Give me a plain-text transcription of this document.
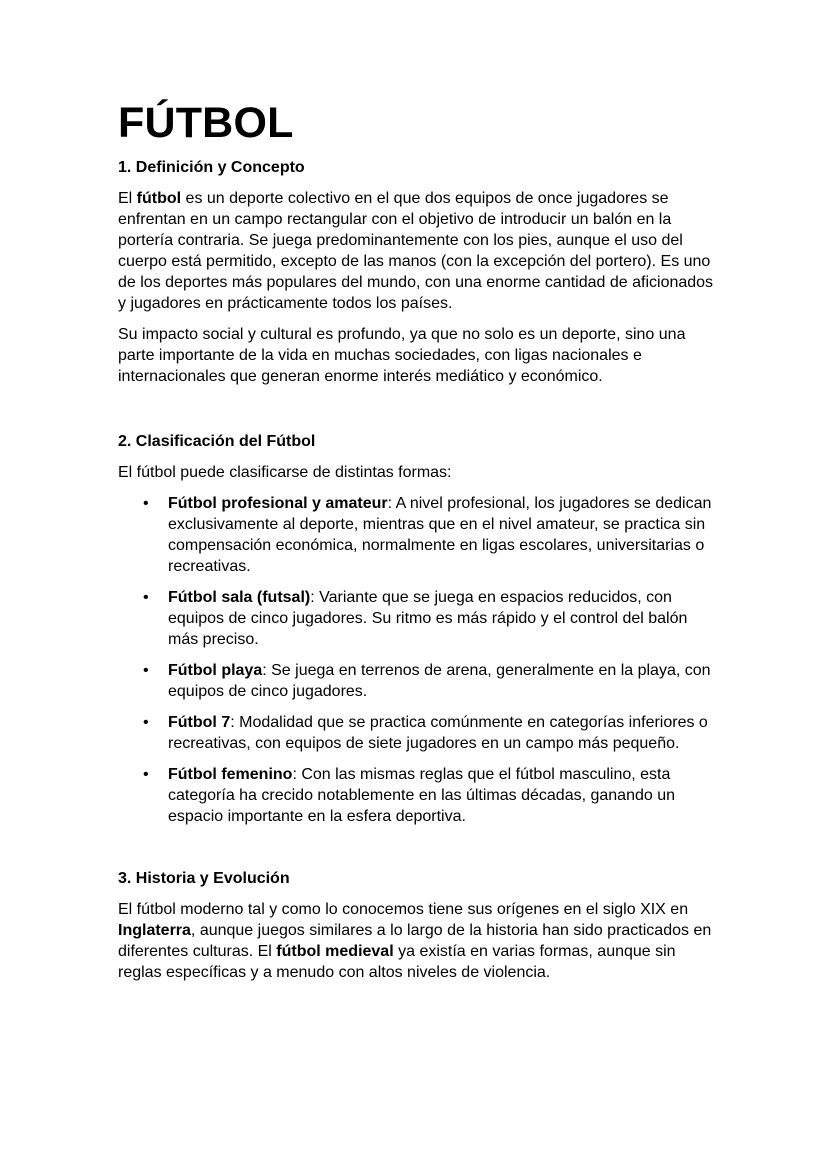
FÚTBOL
1. Definición y Concepto

El fútbol es un deporte colectivo en el que dos equipos de once jugadores se enfrentan en un campo rectangular con el objetivo de introducir un balón en la portería contraria. Se juega predominantemente con los pies, aunque el uso del cuerpo está permitido, excepto de las manos (con la excepción del portero). Es uno de los deportes más populares del mundo, con una enorme cantidad de aficionados y jugadores en prácticamente todos los países.

Su impacto social y cultural es profundo, ya que no solo es un deporte, sino una parte importante de la vida en muchas sociedades, con ligas nacionales e internacionales que generan enorme interés mediático y económico.

2. Clasificación del Fútbol

El fútbol puede clasificarse de distintas formas:

• Fútbol profesional y amateur: A nivel profesional, los jugadores se dedican exclusivamente al deporte, mientras que en el nivel amateur, se practica sin compensación económica, normalmente en ligas escolares, universitarias o recreativas.
• Fútbol sala (futsal): Variante que se juega en espacios reducidos, con equipos de cinco jugadores. Su ritmo es más rápido y el control del balón más preciso.
• Fútbol playa: Se juega en terrenos de arena, generalmente en la playa, con equipos de cinco jugadores.
• Fútbol 7: Modalidad que se practica comúnmente en categorías inferiores o recreativas, con equipos de siete jugadores en un campo más pequeño.
• Fútbol femenino: Con las mismas reglas que el fútbol masculino, esta categoría ha crecido notablemente en las últimas décadas, ganando un espacio importante en la esfera deportiva.
3. Historia y Evolución

El fútbol moderno tal y como lo conocemos tiene sus orígenes en el siglo XIX en Inglaterra, aunque juegos similares a lo largo de la historia han sido practicados en diferentes culturas. El fútbol medieval ya existía en varias formas, aunque sin reglas específicas y a menudo con altos niveles de violencia.
